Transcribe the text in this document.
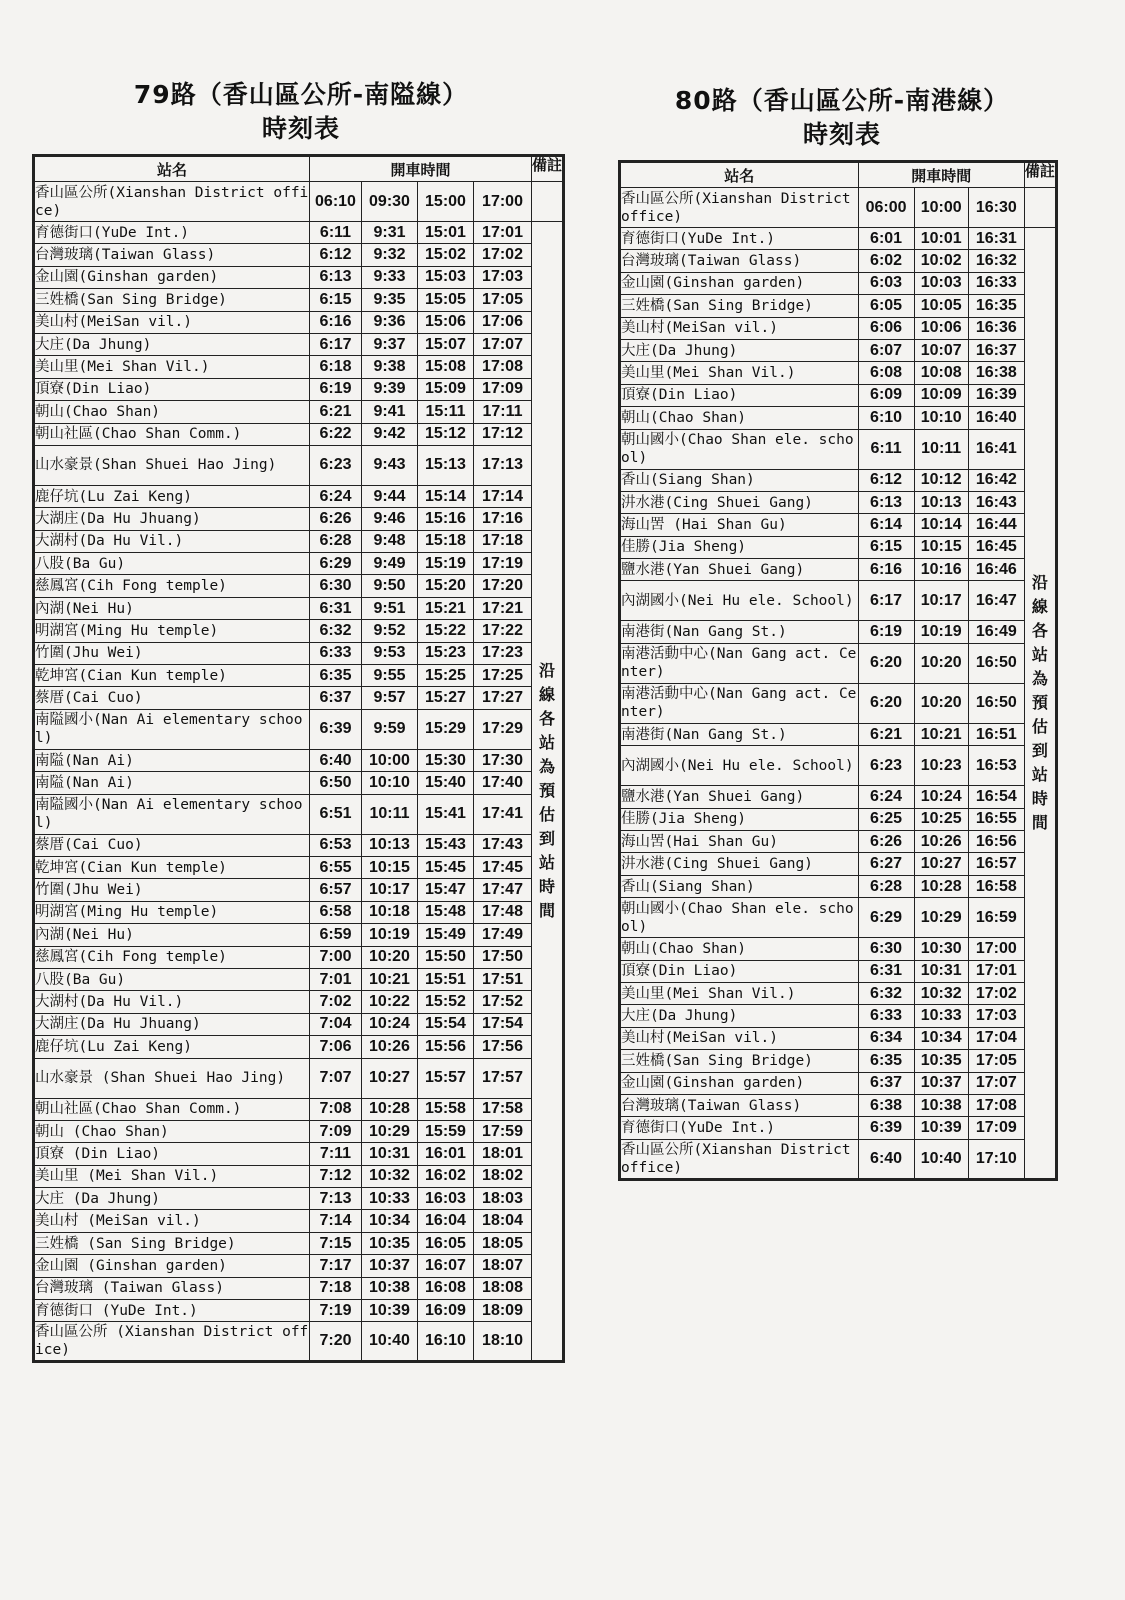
79路（香山區公所-南隘線）
時刻表
站名	開車時間				備註
香山區公所(Xianshan District office)	06:10	09:30	15:00	17:00	
育德街口(YuDe Int.)	6:11	9:31	15:01	17:01	沿線各站為預估到站時間
台灣玻璃(Taiwan Glass)	6:12	9:32	15:02	17:02	
金山園(Ginshan garden)	6:13	9:33	15:03	17:03	
三姓橋(San Sing Bridge)	6:15	9:35	15:05	17:05	
美山村(MeiSan vil.)	6:16	9:36	15:06	17:06	
大庄(Da Jhung)	6:17	9:37	15:07	17:07	
美山里(Mei Shan Vil.)	6:18	9:38	15:08	17:08	
頂寮(Din Liao)	6:19	9:39	15:09	17:09	
朝山(Chao Shan)	6:21	9:41	15:11	17:11	
朝山社區(Chao Shan Comm.)	6:22	9:42	15:12	17:12	
山水豪景(Shan Shuei Hao Jing)	6:23	9:43	15:13	17:13	
鹿仔坑(Lu Zai Keng)	6:24	9:44	15:14	17:14	
大湖庄(Da Hu Jhuang)	6:26	9:46	15:16	17:16	
大湖村(Da Hu Vil.)	6:28	9:48	15:18	17:18	
八股(Ba Gu)	6:29	9:49	15:19	17:19	
慈鳳宮(Cih Fong temple)	6:30	9:50	15:20	17:20	
內湖(Nei Hu)	6:31	9:51	15:21	17:21	
明湖宮(Ming Hu temple)	6:32	9:52	15:22	17:22	
竹圍(Jhu Wei)	6:33	9:53	15:23	17:23	
乾坤宮(Cian Kun temple)	6:35	9:55	15:25	17:25	
蔡厝(Cai Cuo)	6:37	9:57	15:27	17:27	
南隘國小(Nan Ai elementary school)	6:39	9:59	15:29	17:29	
南隘(Nan Ai)	6:40	10:00	15:30	17:30	
南隘(Nan Ai)	6:50	10:10	15:40	17:40	
南隘國小(Nan Ai elementary school)	6:51	10:11	15:41	17:41	
蔡厝(Cai Cuo)	6:53	10:13	15:43	17:43	
乾坤宮(Cian Kun temple)	6:55	10:15	15:45	17:45	
竹圍(Jhu Wei)	6:57	10:17	15:47	17:47	
明湖宮(Ming Hu temple)	6:58	10:18	15:48	17:48	
內湖(Nei Hu)	6:59	10:19	15:49	17:49	
慈鳳宮(Cih Fong temple)	7:00	10:20	15:50	17:50	
八股(Ba Gu)	7:01	10:21	15:51	17:51	
大湖村(Da Hu Vil.)	7:02	10:22	15:52	17:52	
大湖庄(Da Hu Jhuang)	7:04	10:24	15:54	17:54	
鹿仔坑(Lu Zai Keng)	7:06	10:26	15:56	17:56	
山水豪景 (Shan Shuei Hao Jing)	7:07	10:27	15:57	17:57	
朝山社區(Chao Shan Comm.)	7:08	10:28	15:58	17:58	
朝山 (Chao Shan)	7:09	10:29	15:59	17:59	
頂寮 (Din Liao)	7:11	10:31	16:01	18:01	
美山里 (Mei Shan Vil.)	7:12	10:32	16:02	18:02	
大庄 (Da Jhung)	7:13	10:33	16:03	18:03	
美山村 (MeiSan vil.)	7:14	10:34	16:04	18:04	
三姓橋 (San Sing Bridge)	7:15	10:35	16:05	18:05	
金山園 (Ginshan garden)	7:17	10:37	16:07	18:07	
台灣玻璃 (Taiwan Glass)	7:18	10:38	16:08	18:08	
育德街口 (YuDe Int.)	7:19	10:39	16:09	18:09	
香山區公所 (Xianshan District office)	7:20	10:40	16:10	18:10	
80路（香山區公所-南港線）
時刻表
站名	開車時間			備註
香山區公所(Xianshan District office)	06:00	10:00	16:30	
育德街口(YuDe Int.)	6:01	10:01	16:31	沿線各站為預估到站時間
台灣玻璃(Taiwan Glass)	6:02	10:02	16:32	
金山園(Ginshan garden)	6:03	10:03	16:33	
三姓橋(San Sing Bridge)	6:05	10:05	16:35	
美山村(MeiSan vil.)	6:06	10:06	16:36	
大庄(Da Jhung)	6:07	10:07	16:37	
美山里(Mei Shan Vil.)	6:08	10:08	16:38	
頂寮(Din Liao)	6:09	10:09	16:39	
朝山(Chao Shan)	6:10	10:10	16:40	
朝山國小(Chao Shan ele. school)	6:11	10:11	16:41	
香山(Siang Shan)	6:12	10:12	16:42	
汫水港(Cing Shuei Gang)	6:13	10:13	16:43	
海山罟 (Hai Shan Gu)	6:14	10:14	16:44	
佳勝(Jia Sheng)	6:15	10:15	16:45	
鹽水港(Yan Shuei Gang)	6:16	10:16	16:46	
內湖國小(Nei Hu ele. School)	6:17	10:17	16:47	
南港街(Nan Gang St.)	6:19	10:19	16:49	
南港活動中心(Nan Gang act. Center)	6:20	10:20	16:50	
南港活動中心(Nan Gang act. Center)	6:20	10:20	16:50	
南港街(Nan Gang St.)	6:21	10:21	16:51	
內湖國小(Nei Hu ele. School)	6:23	10:23	16:53	
鹽水港(Yan Shuei Gang)	6:24	10:24	16:54	
佳勝(Jia Sheng)	6:25	10:25	16:55	
海山罟(Hai Shan Gu)	6:26	10:26	16:56	
汫水港(Cing Shuei Gang)	6:27	10:27	16:57	
香山(Siang Shan)	6:28	10:28	16:58	
朝山國小(Chao Shan ele. school)	6:29	10:29	16:59	
朝山(Chao Shan)	6:30	10:30	17:00	
頂寮(Din Liao)	6:31	10:31	17:01	
美山里(Mei Shan Vil.)	6:32	10:32	17:02	
大庄(Da Jhung)	6:33	10:33	17:03	
美山村(MeiSan vil.)	6:34	10:34	17:04	
三姓橋(San Sing Bridge)	6:35	10:35	17:05	
金山園(Ginshan garden)	6:37	10:37	17:07	
台灣玻璃(Taiwan Glass)	6:38	10:38	17:08	
育德街口(YuDe Int.)	6:39	10:39	17:09	
香山區公所(Xianshan District office)	6:40	10:40	17:10	
